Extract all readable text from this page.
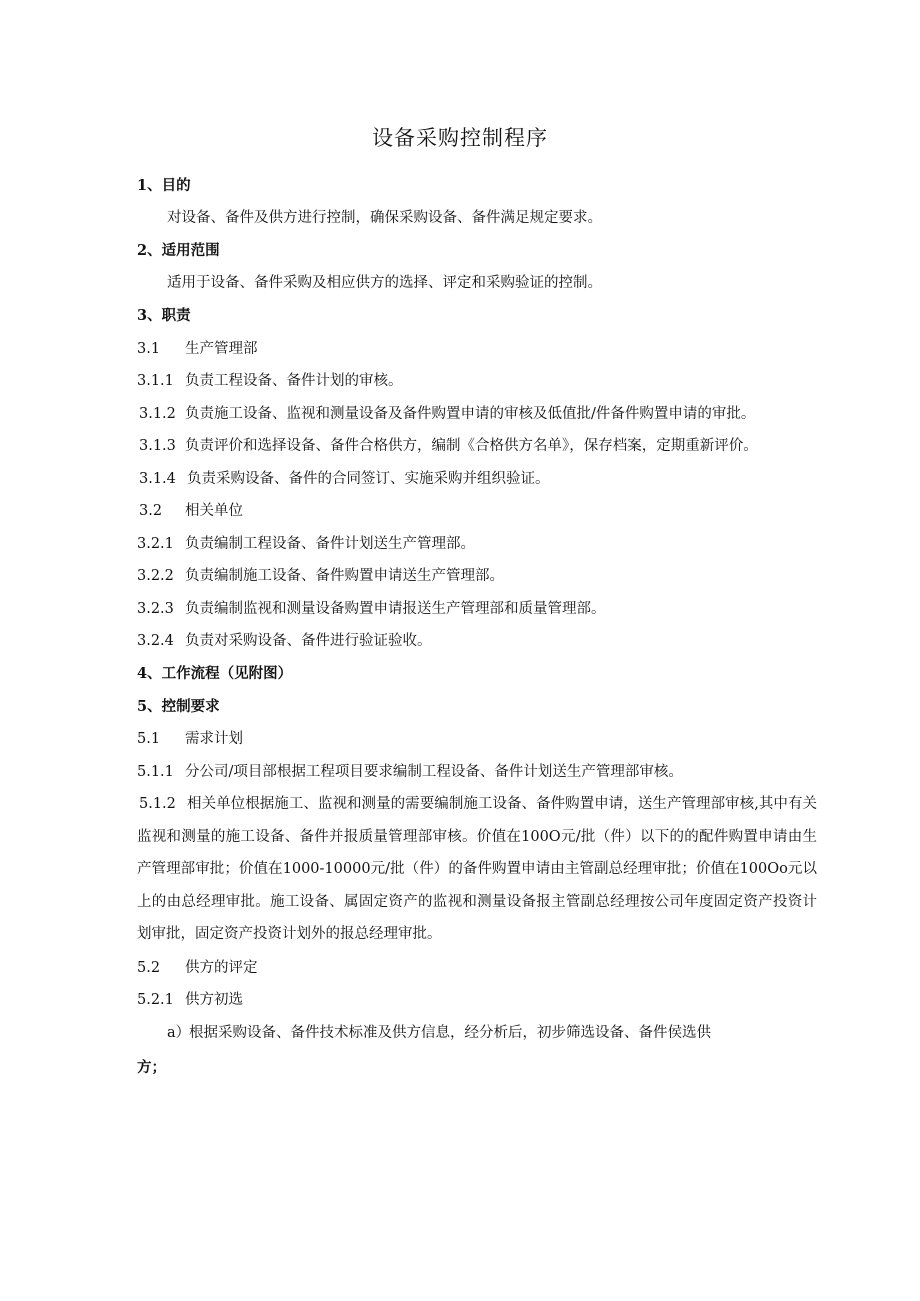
设备采购控制程序
1、目的
对设备、备件及供方进行控制，确保采购设备、备件满足规定要求。
2、适用范围
适用于设备、备件采购及相应供方的选择、评定和采购验证的控制。
3、职责
3.1 生产管理部
3.1.1 负责工程设备、备件计划的审核。
3.1.2 负责施工设备、监视和测量设备及备件购置申请的审核及低值批/件备件购置申请的审批。
3.1.3 负责评价和选择设备、备件合格供方，编制《合格供方名单》，保存档案，定期重新评价。
3.1.4 负责采购设备、备件的合同签订、实施采购并组织验证。
3.2 相关单位
3.2.1 负责编制工程设备、备件计划送生产管理部。
3.2.2 负责编制施工设备、备件购置申请送生产管理部。
3.2.3 负责编制监视和测量设备购置申请报送生产管理部和质量管理部。
3.2.4 负责对采购设备、备件进行验证验收。
4、工作流程（见附图）
5、控制要求
5.1 需求计划
5.1.1 分公司/项目部根据工程项目要求编制工程设备、备件计划送生产管理部审核。
5.1.2 相关单位根据施工、监视和测量的需要编制施工设备、备件购置申请，送生产管理部审核,其中有关监视和测量的施工设备、备件并报质量管理部审核。价值在100O元/批（件）以下的的配件购置申请由生产管理部审批；价值在1000-10000元/批（件）的备件购置申请由主管副总经理审批；价值在100Oo元以上的由总经理审批。施工设备、属固定资产的监视和测量设备报主管副总经理按公司年度固定资产投资计划审批，固定资产投资计划外的报总经理审批。
5.2 供方的评定
5.2.1 供方初选
a）根据采购设备、备件技术标准及供方信息，经分析后，初步筛选设备、备件侯选供
方；
